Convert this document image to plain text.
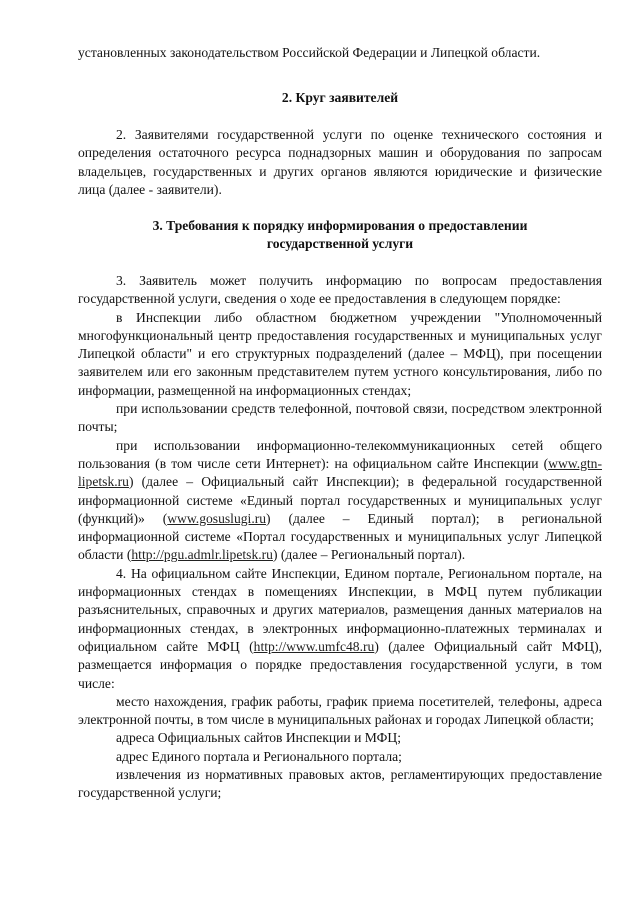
установленных законодательством Российской Федерации и Липецкой области.

2. Круг заявителей

2. Заявителями государственной услуги по оценке технического состояния и определения остаточного ресурса поднадзорных машин и оборудования по запросам владельцев, государственных и других органов являются юридические и физические лица (далее - заявители).

3. Требования к порядку информирования о предоставлении
государственной услуги

3. Заявитель может получить информацию по вопросам предоставления государственной услуги, сведения о ходе ее предоставления в следующем порядке:

в Инспекции либо областном бюджетном учреждении "Уполномоченный многофункциональный центр предоставления государственных и муниципальных услуг Липецкой области" и его структурных подразделений (далее – МФЦ), при посещении заявителем или его законным представителем путем устного консультирования, либо по информации, размещенной на информационных стендах;

при использовании средств телефонной, почтовой связи, посредством электронной почты;

при использовании информационно-телекоммуникационных сетей общего пользования (в том числе сети Интернет): на официальном сайте Инспекции (www.gtn-lipetsk.ru) (далее – Официальный сайт Инспекции); в федеральной государственной информационной системе «Единый портал государственных и муниципальных услуг (функций)» (www.gosuslugi.ru) (далее – Единый портал); в региональной информационной системе «Портал государственных и муниципальных услуг Липецкой области (http://pgu.admlr.lipetsk.ru) (далее – Региональный портал).

4. На официальном сайте Инспекции, Едином портале, Региональном портале, на информационных стендах в помещениях Инспекции, в МФЦ путем публикации разъяснительных, справочных и других материалов, размещения данных материалов на информационных стендах, в электронных информационно-платежных терминалах и официальном сайте МФЦ (http://www.umfc48.ru) (далее Официальный сайт МФЦ), размещается информация о порядке предоставления государственной услуги, в том числе:

место нахождения, график работы, график приема посетителей, телефоны, адреса электронной почты, в том числе в муниципальных районах и городах Липецкой области;

адреса Официальных сайтов Инспекции и МФЦ;

адрес Единого портала и Регионального портала;

извлечения из нормативных правовых актов, регламентирующих предоставление государственной услуги;
